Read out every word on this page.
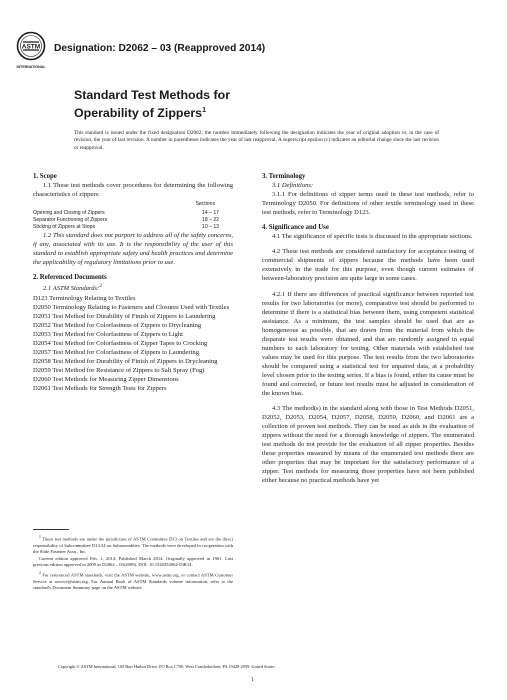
ASTM
INTERNATIONAL
Designation: D2062 – 03 (Reapproved 2014)
Standard Test Methods for
Operability of Zippers$^1$
This standard is issued under the fixed designation D2062; the number immediately following the designation indicates the year of original adoption or, in the case of revision, the year of last revision. A number in parentheses indicates the year of last reapproval. A superscript epsilon (ε) indicates an editorial change since the last revision or reapproval.

1. Scope

1.1 These test methods cover procedures for determining the following characteristics of zippers:

Sections
Opening and Closing of Zippers	14 – 17
Separator Functioning of Zippers	18 – 22
Sticking of Zippers at Stops	10 – 13

1.2 This standard does not purport to address all of the safety concerns, if any, associated with its use. It is the responsibility of the user of this standard to establish appropriate safety and health practices and determine the applicability of regulatory limitations prior to use.

2. Referenced Documents

2.1 ASTM Standards:$^2$

D123 Terminology Relating to Textiles

D2050 Terminology Relating to Fasteners and Closures Used with Textiles

D2051 Test Method for Durability of Finish of Zippers to Laundering

D2052 Test Method for Colorfastness of Zippers to Drycleaning

D2053 Test Method for Colorfastness of Zippers to Light

D2054 Test Method for Colorfastness of Zipper Tapes to Crocking

D2057 Test Method for Colorfastness of Zippers to Laundering

D2058 Test Method for Durability of Finish of Zippers to Drycleaning

D2059 Test Method for Resistance of Zippers to Salt Spray (Fog)

D2060 Test Methods for Measuring Zipper Dimensions

D2061 Test Methods for Strength Tests for Zippers

$^1$ These test methods are under the jurisdiction of ASTM Committee D13 on Textiles and are the direct responsibility of Subcommittee D13.54 on Subassemblies. The methods were developed in cooperation with the Slide Fastener Assn., Inc.

Current edition approved Feb. 1, 2014. Published March 2014. Originally approved in 1961. Last previous edition approved in 2009 as D2062 – 03(2009). DOI: 10.1520/D2062-03R14.

$^2$ For referenced ASTM standards, visit the ASTM website, www.astm.org, or contact ASTM Customer Service at service@astm.org. For Annual Book of ASTM Standards volume information, refer to the standard's Document Summary page on the ASTM website.

3. Terminology

3.1 Definitions:

3.1.1 For definitions of zipper terms used in these test methods, refer to Terminology D2050. For definitions of other textile terminology used in these test methods, refer to Terminology D123.

4. Significance and Use

4.1 The significance of specific tests is discussed in the appropriate sections.

4.2 These test methods are considered satisfactory for acceptance testing of commercial shipments of zippers because the methods have been used extensively in the trade for this purpose, even though current estimates of between-laboratory precision are quite large in some cases.

4.2.1 If there are differences of practical significance between reported test results for two laboratories (or more), comparative test should be performed to determine if there is a statistical bias between them, using competent statistical assistance. As a minimum, the test samples should be used that are as homogeneous as possible, that are drawn from the material from which the disparate test results were obtained, and that are randomly assigned in equal numbers to each laboratory for testing. Other materials with established test values may be used for this purpose. The test results from the two laboratories should be compared using a statistical test for unpaired data, at a probability level chosen prior to the testing series. If a bias is found, either its cause must be found and corrected, or future test results must be adjusted in consideration of the known bias.

4.3 The method(s) in the standard along with those in Test Methods D2051, D2052, D2053, D2054, D2057, D2058, D2059, D2060, and D2061 are a collection of proven test methods. They can be used as aids in the evaluation of zippers without the need for a thorough knowledge of zippers. The enumerated test methods do not provide for the evaluation of all zipper properties. Besides those properties measured by means of the enumerated test methods there are other properties that may be important for the satisfactory performance of a zipper. Test methods for measuring those properties have not been published either because no practical methods have yet

Copyright © ASTM International, 100 Barr Harbor Drive, PO Box C700, West Conshohocken, PA 19428-2959. United States
1
